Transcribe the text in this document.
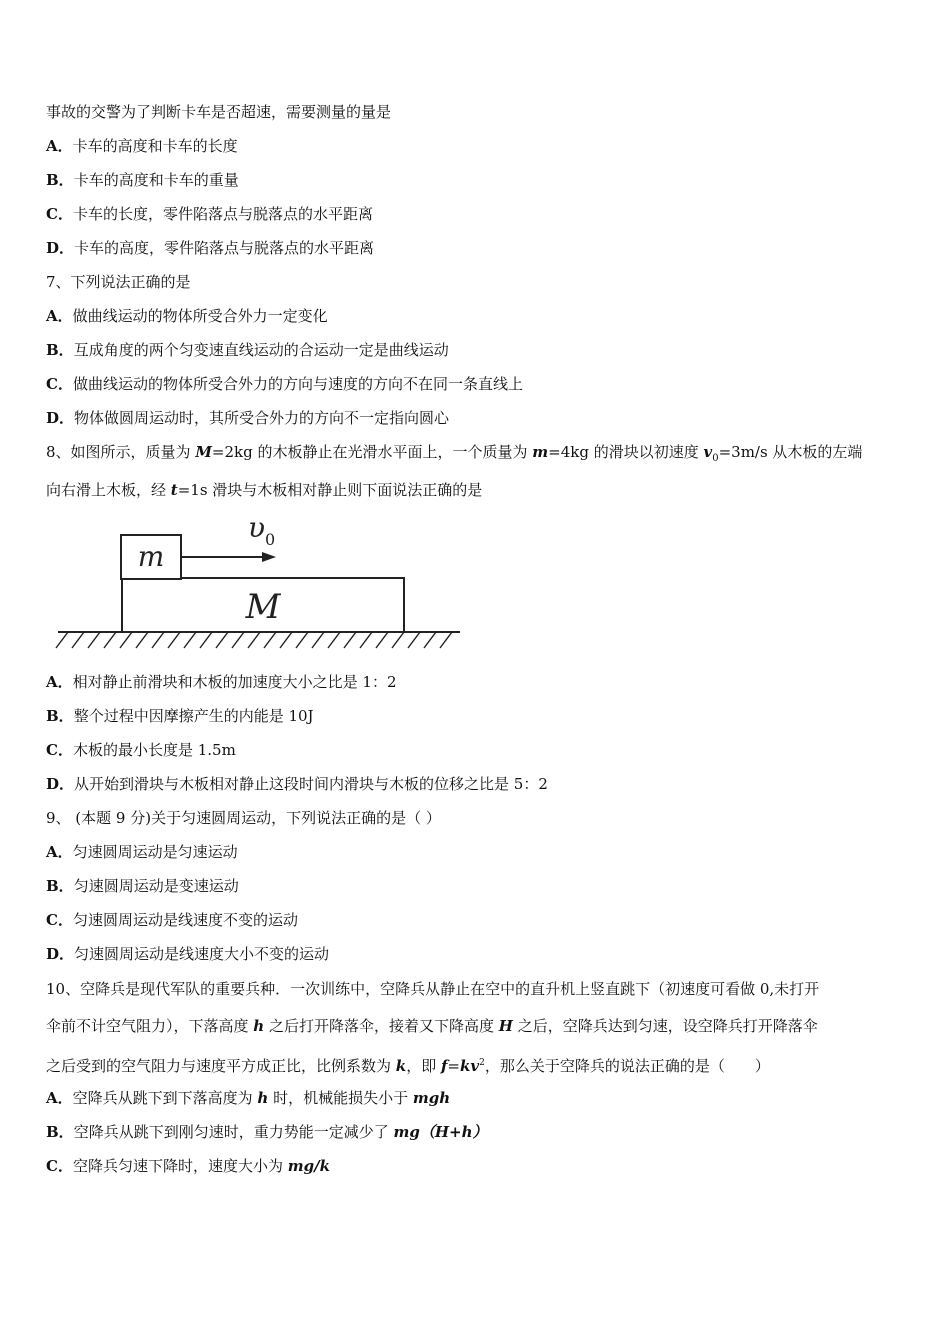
事故的交警为了判断卡车是否超速，需要测量的量是
A．卡车的高度和卡车的长度
B．卡车的高度和卡车的重量
C．卡车的长度，零件陷落点与脱落点的水平距离
D．卡车的高度，零件陷落点与脱落点的水平距离
7、下列说法正确的是
A．做曲线运动的物体所受合外力一定变化
B．互成角度的两个匀变速直线运动的合运动一定是曲线运动
C．做曲线运动的物体所受合外力的方向与速度的方向不在同一条直线上
D．物体做圆周运动时，其所受合外力的方向不一定指向圆心
8、如图所示，质量为 M=2kg 的木板静止在光滑水平面上，一个质量为 m=4kg 的滑块以初速度 $v_0=3m/s$ 从木板的左端
向右滑上木板，经 t=1s 滑块与木板相对静止则下面说法正确的是
M
m
υ 0
A．相对静止前滑块和木板的加速度大小之比是 1：2
B．整个过程中因摩擦产生的内能是 10J
C．木板的最小长度是 1.5m
D．从开始到滑块与木板相对静止这段时间内滑块与木板的位移之比是 5：2
9、 (本题 9 分)关于匀速圆周运动，下列说法正确的是（ ）
A．匀速圆周运动是匀速运动
B．匀速圆周运动是变速运动
C．匀速圆周运动是线速度不变的运动
D．匀速圆周运动是线速度大小不变的运动
10、空降兵是现代军队的重要兵种．一次训练中，空降兵从静止在空中的直升机上竖直跳下（初速度可看做 0,未打开
伞前不计空气阻力），下落高度 h 之后打开降落伞，接着又下降高度 H 之后，空降兵达到匀速，设空降兵打开降落伞
之后受到的空气阻力与速度平方成正比，比例系数为 k，即 $f=kv^2$，那么关于空降兵的说法正确的是（　　）
A．空降兵从跳下到下落高度为 h 时，机械能损失小于 mgh
B．空降兵从跳下到刚匀速时，重力势能一定减少了 mg（H+h）
C．空降兵匀速下降时，速度大小为 mg/k
